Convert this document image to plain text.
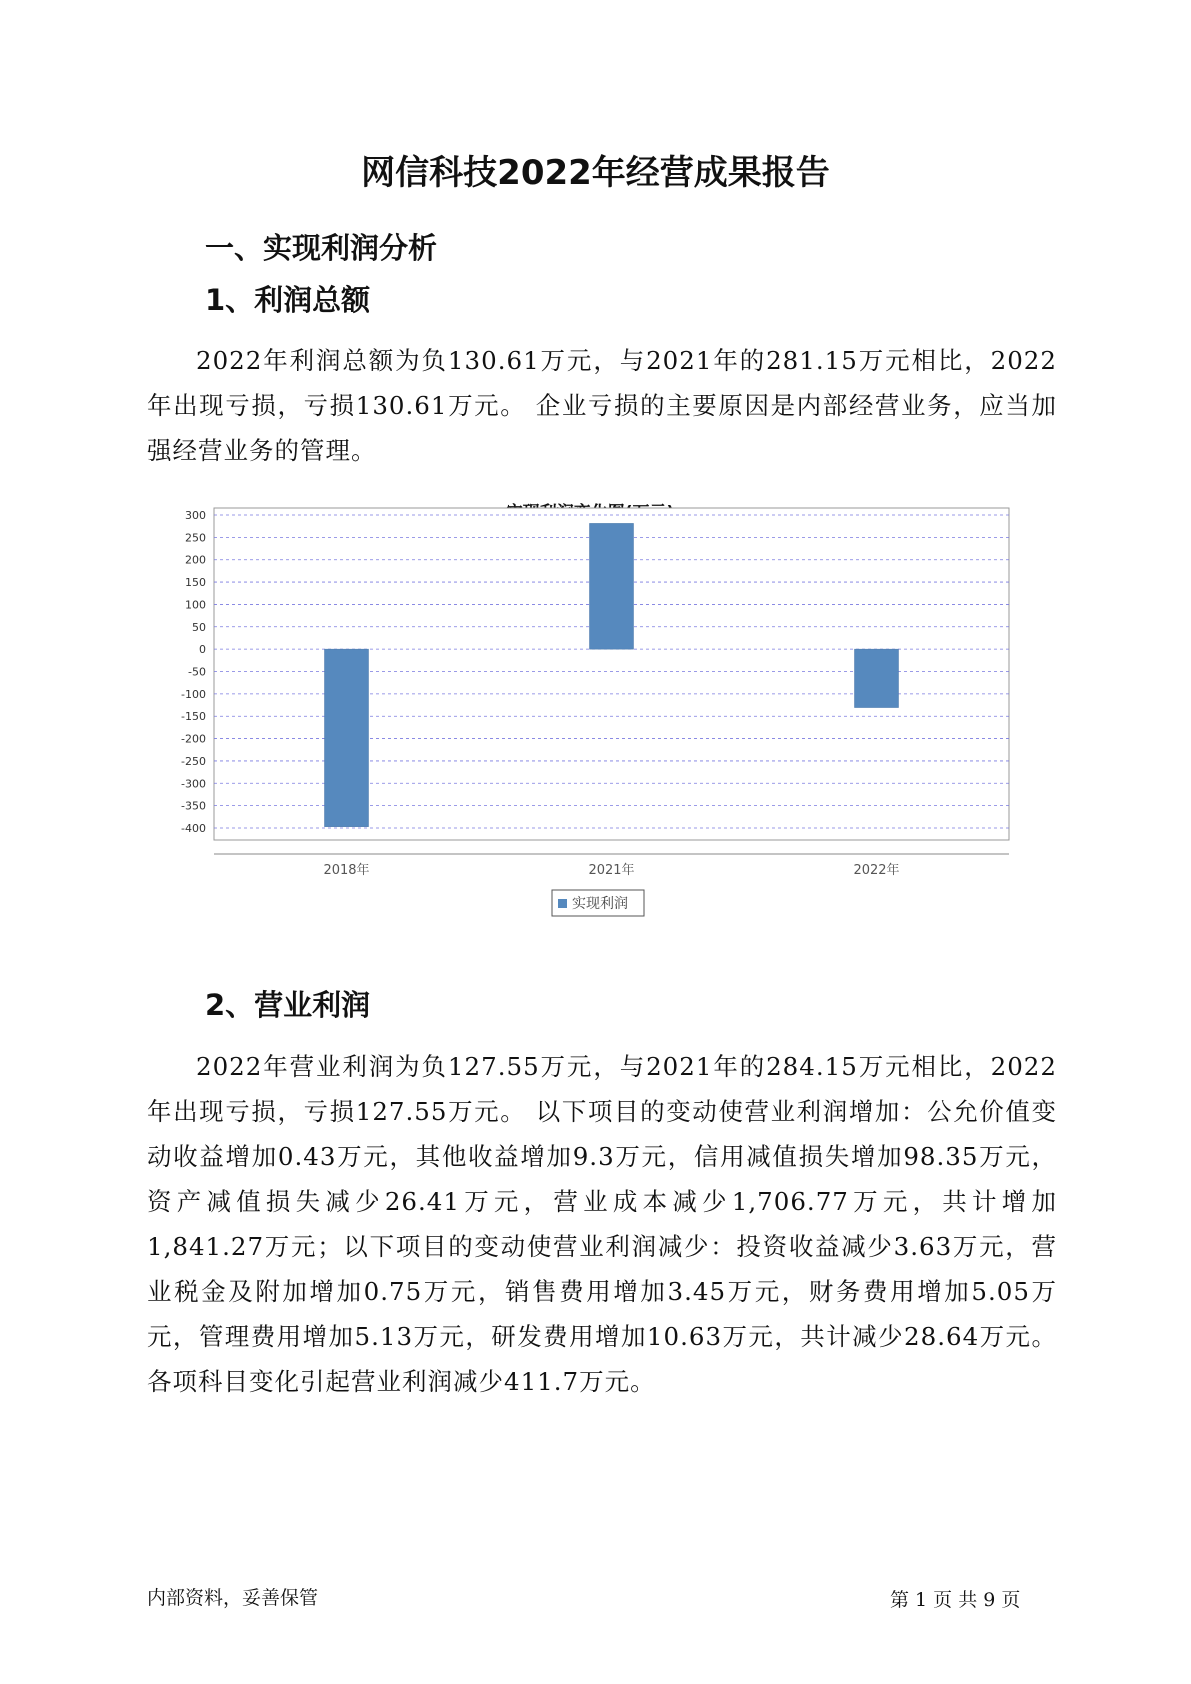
网信科技2022年经营成果报告
一、实现利润分析
1、利润总额
2022年利润总额为负130.61万元，与2021年的281.15万元相比，2022年出现亏损，亏损130.61万元。 企业亏损的主要原因是内部经营业务，应当加强经营业务的管理。
300
250
200
150
100
50
0
-50
-100
-150
-200
-250
-300
-350
-400
2018年	2021年	2022年
实现利润
2、营业利润
2022年营业利润为负127.55万元，与2021年的284.15万元相比，2022年出现亏损，亏损127.55万元。 以下项目的变动使营业利润增加：公允价值变动收益增加0.43万元，其他收益增加9.3万元，信用减值损失增加98.35万元，资产减值损失减少26.41万元，营业成本减少1,706.77万元，共计增加1,841.27万元；以下项目的变动使营业利润减少：投资收益减少3.63万元，营业税金及附加增加0.75万元，销售费用增加3.45万元，财务费用增加5.05万元，管理费用增加5.13万元，研发费用增加10.63万元，共计减少28.64万元。各项科目变化引起营业利润减少411.7万元。
内部资料，妥善保管	第 1 页 共 9 页
